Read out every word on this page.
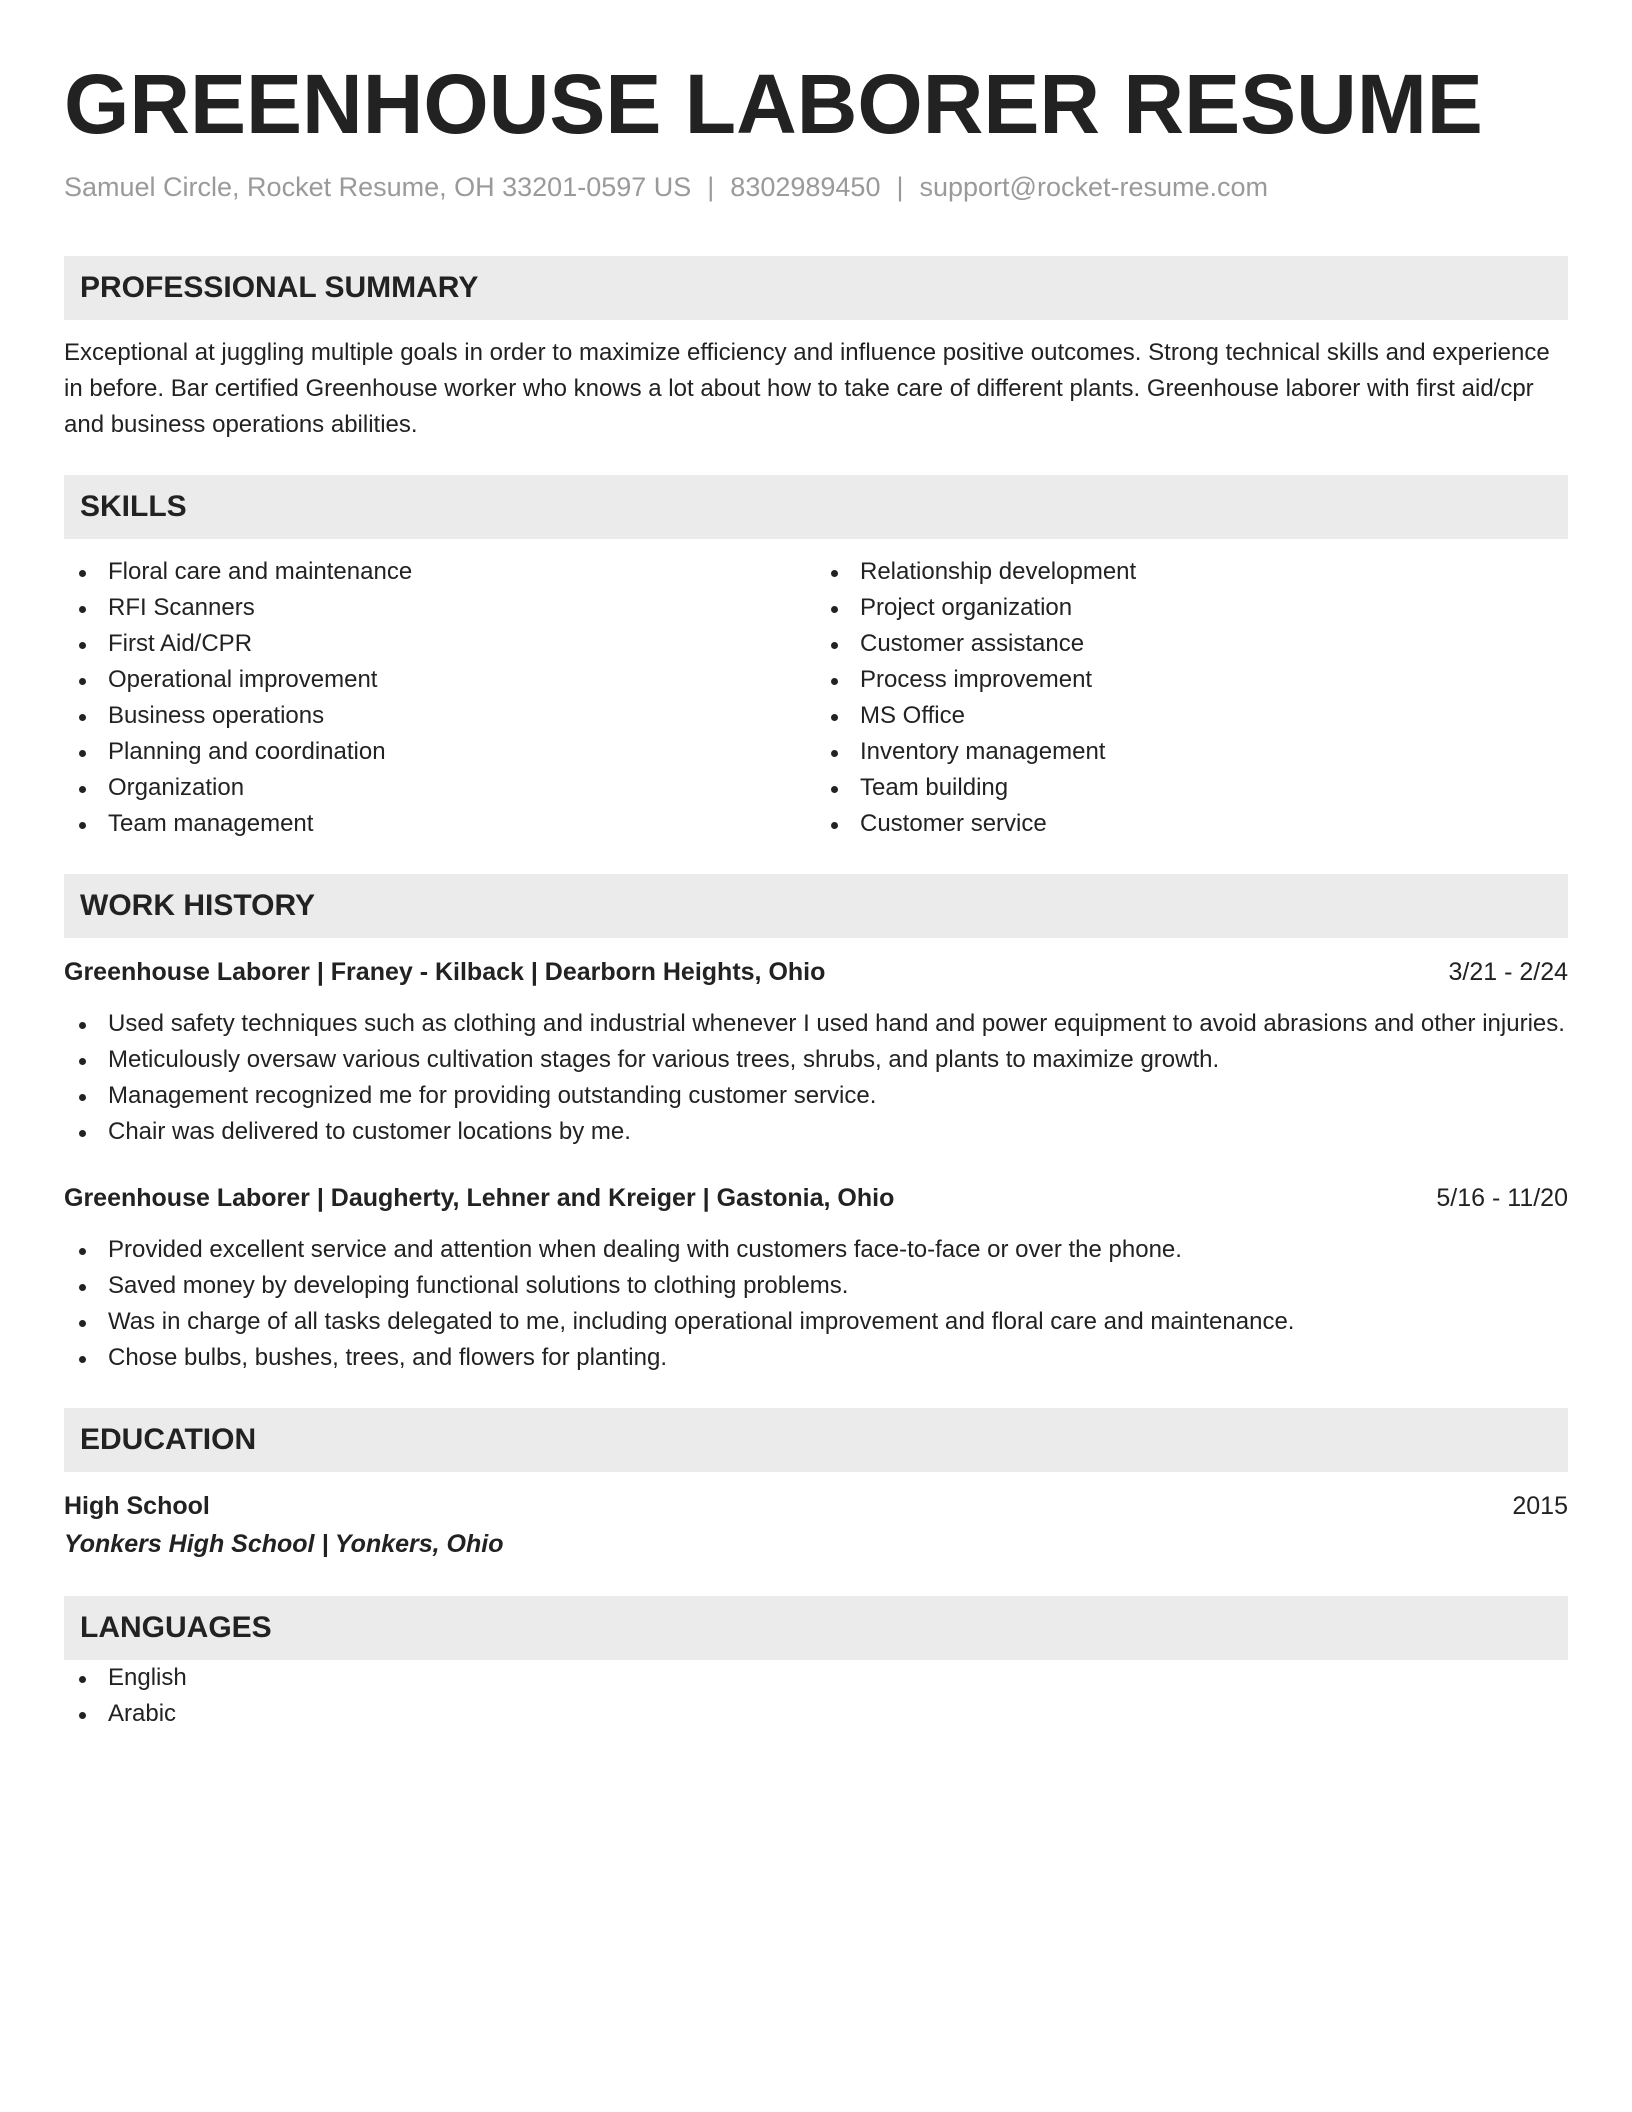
GREENHOUSE LABORER RESUME
Samuel Circle, Rocket Resume, OH 33201-0597 US | 8302989450 | support@rocket-resume.com
PROFESSIONAL SUMMARY
Exceptional at juggling multiple goals in order to maximize efficiency and influence positive outcomes. Strong technical skills and experience in before. Bar certified Greenhouse worker who knows a lot about how to take care of different plants. Greenhouse laborer with first aid/cpr and business operations abilities.
SKILLS
Floral care and maintenance
RFI Scanners
First Aid/CPR
Operational improvement
Business operations
Planning and coordination
Organization
Team management
Relationship development
Project organization
Customer assistance
Process improvement
MS Office
Inventory management
Team building
Customer service
WORK HISTORY
Greenhouse Laborer | Franey - Kilback | Dearborn Heights, Ohio	3/21 - 2/24
Used safety techniques such as clothing and industrial whenever I used hand and power equipment to avoid abrasions and other injuries.
Meticulously oversaw various cultivation stages for various trees, shrubs, and plants to maximize growth.
Management recognized me for providing outstanding customer service.
Chair was delivered to customer locations by me.
Greenhouse Laborer | Daugherty, Lehner and Kreiger | Gastonia, Ohio	5/16 - 11/20
Provided excellent service and attention when dealing with customers face-to-face or over the phone.
Saved money by developing functional solutions to clothing problems.
Was in charge of all tasks delegated to me, including operational improvement and floral care and maintenance.
Chose bulbs, bushes, trees, and flowers for planting.
EDUCATION
High School	2015
Yonkers High School | Yonkers, Ohio
LANGUAGES
English
Arabic
